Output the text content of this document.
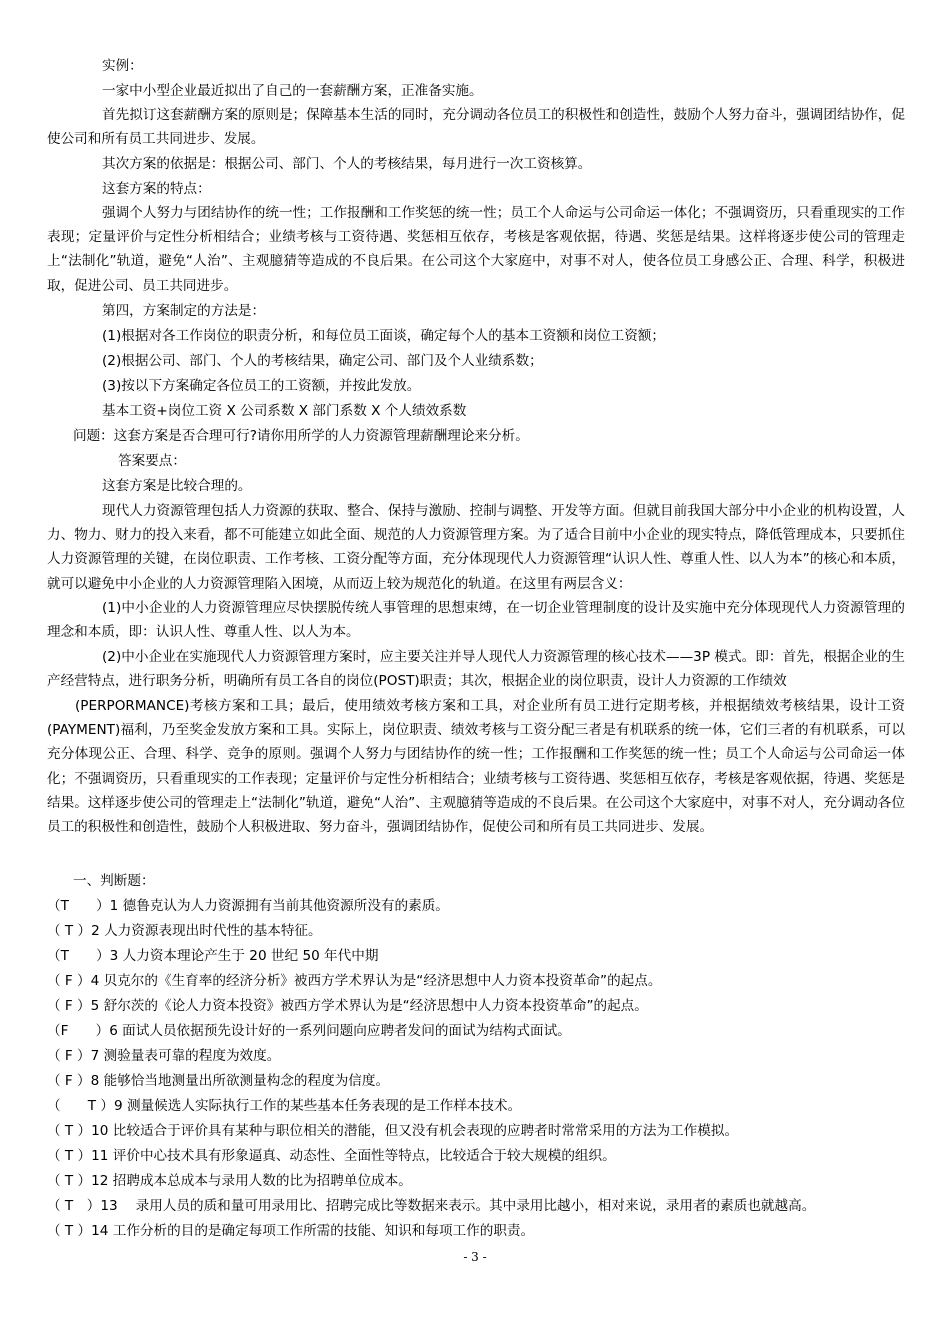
实例：
一家中小型企业最近拟出了自己的一套薪酬方案，正准备实施。
首先拟订这套薪酬方案的原则是；保障基本生活的同时，充分调动各位员工的积极性和创造性，鼓励个人努力奋斗，强调团结协作，促使公司和所有员工共同进步、发展。
其次方案的依据是：根据公司、部门、个人的考核结果，每月进行一次工资核算。
这套方案的特点：
强调个人努力与团结协作的统一性；工作报酬和工作奖惩的统一性；员工个人命运与公司命运一体化；不强调资历，只看重现实的工作表现；定量评价与定性分析相结合；业绩考核与工资待遇、奖惩相互依存，考核是客观依据，待遇、奖惩是结果。这样将逐步使公司的管理走上“法制化”轨道，避免“人治”、主观臆猜等造成的不良后果。在公司这个大家庭中，对事不对人，使各位员工身感公正、合理、科学，积极进取，促进公司、员工共同进步。
第四，方案制定的方法是：
(1)根据对各工作岗位的职责分析，和每位员工面谈，确定每个人的基本工资额和岗位工资额；
(2)根据公司、部门、个人的考核结果，确定公司、部门及个人业绩系数；
(3)按以下方案确定各位员工的工资额，并按此发放。
基本工资+岗位工资 X 公司系数 X 部门系数 X 个人绩效系数
问题：这套方案是否合理可行?请你用所学的人力资源管理薪酬理论来分析。
答案要点：
这套方案是比较合理的。
现代人力资源管理包括人力资源的获取、整合、保持与激励、控制与调整、开发等方面。但就目前我国大部分中小企业的机构设置，人力、物力、财力的投入来看，都不可能建立如此全面、规范的人力资源管理方案。为了适合目前中小企业的现实特点，降低管理成本，只要抓住人力资源管理的关键，在岗位职责、工作考核、工资分配等方面，充分体现现代人力资源管理“认识人性、尊重人性、以人为本”的核心和本质，就可以避免中小企业的人力资源管理陷入困境，从而迈上较为规范化的轨道。在这里有两层含义：
(1)中小企业的人力资源管理应尽快摆脱传统人事管理的思想束缚，在一切企业管理制度的设计及实施中充分体现现代人力资源管理的理念和本质，即：认识人性、尊重人性、以人为本。
(2)中小企业在实施现代人力资源管理方案时，应主要关注并导人现代人力资源管理的核心技术——3P 模式。即：首先，根据企业的生产经营特点，进行职务分析，明确所有员工各自的岗位(POST)职责；其次，根据企业的岗位职责，设计人力资源的工作绩效
(PERPORMANCE)考核方案和工具；最后，使用绩效考核方案和工具，对企业所有员工进行定期考核，并根据绩效考核结果，设计工资(PAYMENT)福利，乃至奖金发放方案和工具。实际上，岗位职责、绩效考核与工资分配三者是有机联系的统一体，它们三者的有机联系，可以充分体现公正、合理、科学、竞争的原则。强调个人努力与团结协作的统一性；工作报酬和工作奖惩的统一性；员工个人命运与公司命运一体化；不强调资历，只看重现实的工作表现；定量评价与定性分析相结合；业绩考核与工资待遇、奖惩相互依存，考核是客观依据，待遇、奖惩是结果。这样逐步使公司的管理走上“法制化”轨道，避免“人治”、主观臆猜等造成的不良后果。在公司这个大家庭中，对事不对人，充分调动各位员工的积极性和创造性，鼓励个人积极进取、努力奋斗，强调团结协作，促使公司和所有员工共同进步、发展。
一、判断题：
（T　　）1 德鲁克认为人力资源拥有当前其他资源所没有的素质。
（ T ）2 人力资源表现出时代性的基本特征。
（T　　）3 人力资本理论产生于 20 世纪 50 年代中期
（ F ）4 贝克尔的《生育率的经济分析》被西方学术界认为是“经济思想中人力资本投资革命”的起点。
（ F ）5 舒尔茨的《论人力资本投资》被西方学术界认为是“经济思想中人力资本投资革命”的起点。
（F　　）6 面试人员依据预先设计好的一系列问题向应聘者发问的面试为结构式面试。
（ F ）7 测验量表可靠的程度为效度。
（ F ）8 能够恰当地测量出所欲测量构念的程度为信度。
（　　T ）9 测量候选人实际执行工作的某些基本任务表现的是工作样本技术。
（ T ）10 比较适合于评价具有某种与职位相关的潜能，但又没有机会表现的应聘者时常常采用的方法为工作模拟。
（ T ）11 评价中心技术具有形象逼真、动态性、全面性等特点，比较适合于较大规模的组织。
（ T ）12 招聘成本总成本与录用人数的比为招聘单位成本。
（ T　）13　 录用人员的质和量可用录用比、招聘完成比等数据来表示。其中录用比越小，相对来说，录用者的素质也就越高。
（ T ）14 工作分析的目的是确定每项工作所需的技能、知识和每项工作的职责。
- 3 -
